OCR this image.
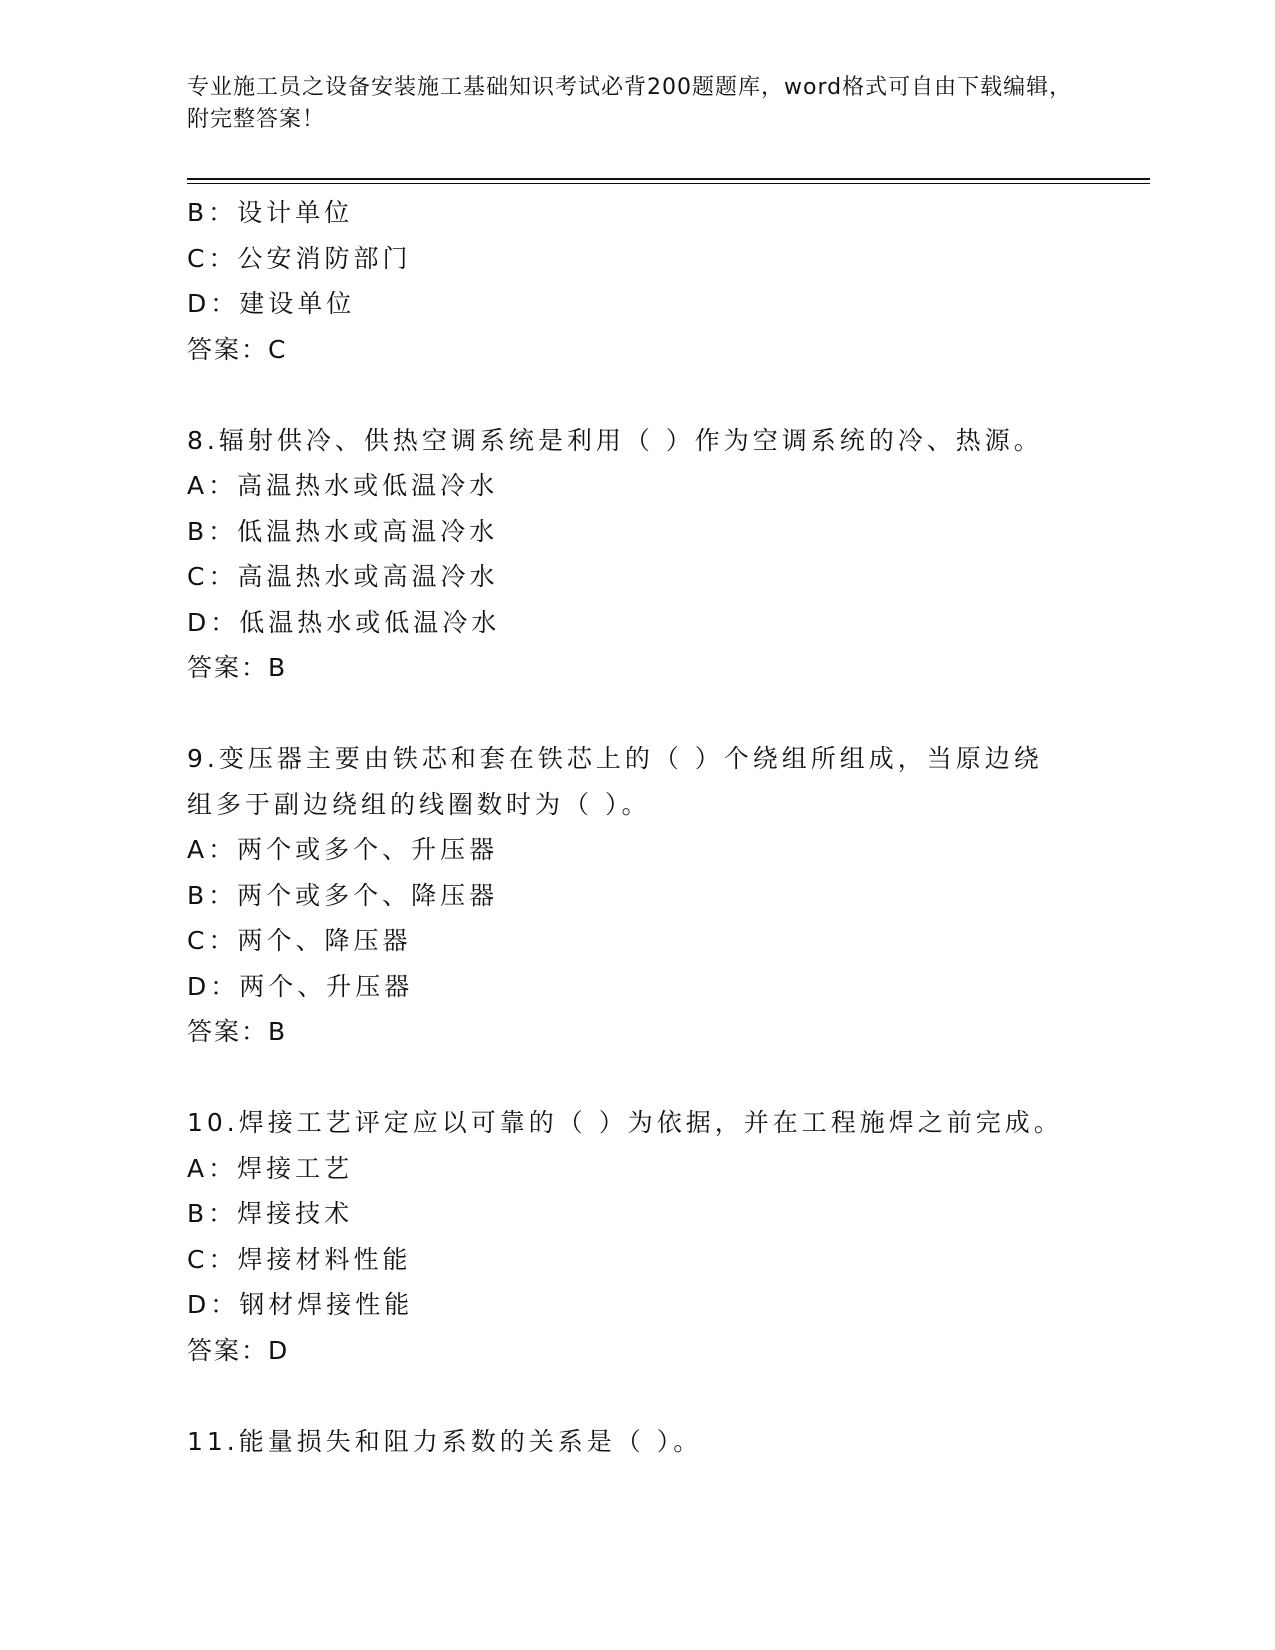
专业施工员之设备安装施工基础知识考试必背200题题库，word格式可自由下载编辑，附完整答案！
B：设计单位
C：公安消防部门
D：建设单位
答案：C
8.辐射供冷、供热空调系统是利用（ ）作为空调系统的冷、热源。
A：高温热水或低温冷水
B：低温热水或高温冷水
C：高温热水或高温冷水
D：低温热水或低温冷水
答案：B
9.变压器主要由铁芯和套在铁芯上的（ ）个绕组所组成，当原边绕组多于副边绕组的线圈数时为（ ）。
A：两个或多个、升压器
B：两个或多个、降压器
C：两个、降压器
D：两个、升压器
答案：B
10.焊接工艺评定应以可靠的（ ）为依据，并在工程施焊之前完成。
A：焊接工艺
B：焊接技术
C：焊接材料性能
D：钢材焊接性能
答案：D
11.能量损失和阻力系数的关系是（ ）。
